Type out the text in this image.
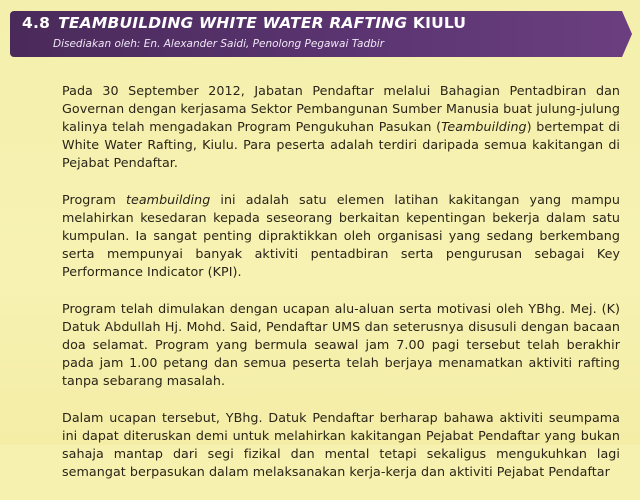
4.8 TEAMBUILDING WHITE WATER RAFTING KIULU
Disediakan oleh: En. Alexander Saidi, Penolong Pegawai Tadbir

Pada 30 September 2012, Jabatan Pendaftar melalui Bahagian Pentadbiran dan Governan dengan kerjasama Sektor Pembangunan Sumber Manusia buat julung-julung kalinya telah mengadakan Program Pengukuhan Pasukan (Teambuilding) bertempat di White Water Rafting, Kiulu. Para peserta adalah terdiri daripada semua kakitangan di Pejabat Pendaftar.

Program teambuilding ini adalah satu elemen latihan kakitangan yang mampu melahirkan kesedaran kepada seseorang berkaitan kepentingan bekerja dalam satu kumpulan. Ia sangat penting dipraktikkan oleh organisasi yang sedang berkembang serta mempunyai banyak aktiviti pentadbiran serta pengurusan sebagai Key Performance Indicator (KPI).

Program telah dimulakan dengan ucapan alu-aluan serta motivasi oleh YBhg. Mej. (K) Datuk Abdullah Hj. Mohd. Said, Pendaftar UMS dan seterusnya disusuli dengan bacaan doa selamat. Program yang bermula seawal jam 7.00 pagi tersebut telah berakhir pada jam 1.00 petang dan semua peserta telah berjaya menamatkan aktiviti rafting tanpa sebarang masalah.

Dalam ucapan tersebut, YBhg. Datuk Pendaftar berharap bahawa aktiviti seumpama ini dapat diteruskan demi untuk melahirkan kakitangan Pejabat Pendaftar yang bukan sahaja mantap dari segi fizikal dan mental tetapi sekaligus mengukuhkan lagi semangat berpasukan dalam melaksanakan kerja-kerja dan aktiviti Pejabat Pendaftar
